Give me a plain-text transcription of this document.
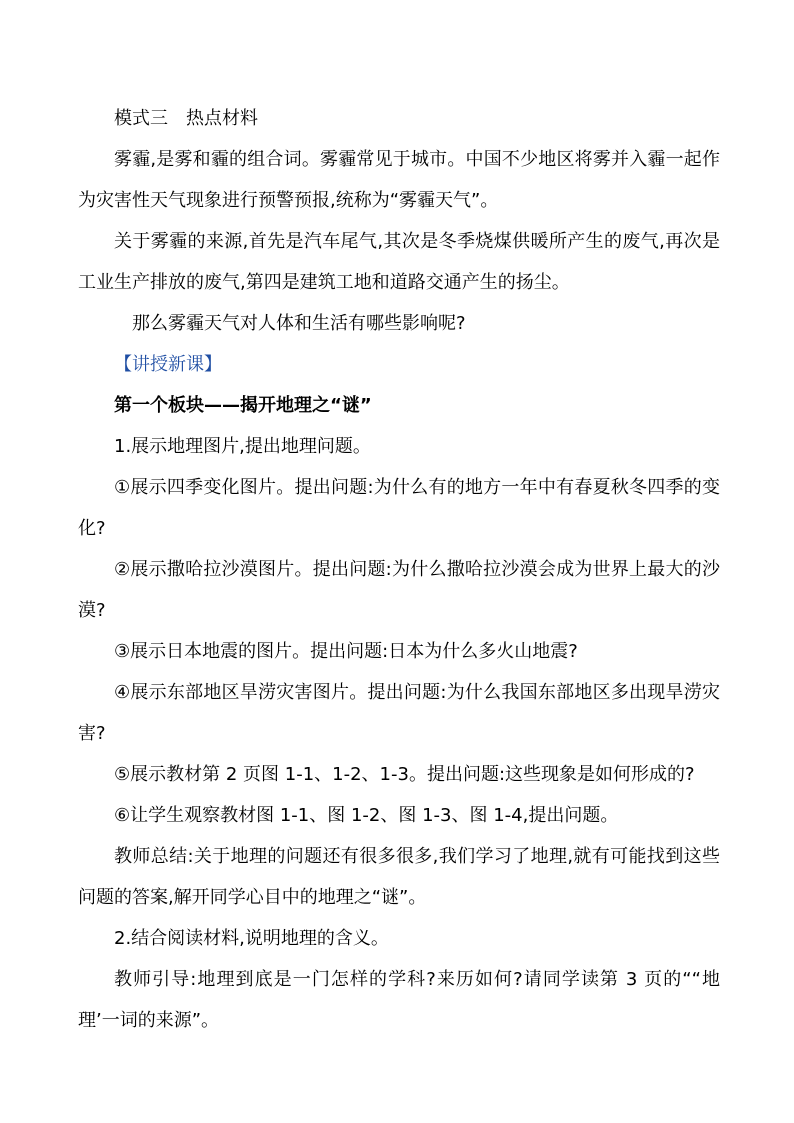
模式三　热点材料

雾霾,是雾和霾的组合词。雾霾常见于城市。中国不少地区将雾并入霾一起作为灾害性天气现象进行预警预报,统称为“雾霾天气”。

关于雾霾的来源,首先是汽车尾气,其次是冬季烧煤供暖所产生的废气,再次是工业生产排放的废气,第四是建筑工地和道路交通产生的扬尘。

那么雾霾天气对人体和生活有哪些影响呢?

【讲授新课】

第一个板块——揭开地理之“谜”

1.展示地理图片,提出地理问题。

①展示四季变化图片。提出问题:为什么有的地方一年中有春夏秋冬四季的变化?

②展示撒哈拉沙漠图片。提出问题:为什么撒哈拉沙漠会成为世界上最大的沙漠?

③展示日本地震的图片。提出问题:日本为什么多火山地震?

④展示东部地区旱涝灾害图片。提出问题:为什么我国东部地区多出现旱涝灾害?

⑤展示教材第 2 页图 1-1、1-2、1-3。提出问题:这些现象是如何形成的?

⑥让学生观察教材图 1-1、图 1-2、图 1-3、图 1-4,提出问题。

教师总结:关于地理的问题还有很多很多,我们学习了地理,就有可能找到这些问题的答案,解开同学心目中的地理之“谜”。

2.结合阅读材料,说明地理的含义。

教师引导:地理到底是一门怎样的学科?来历如何?请同学读第 3 页的““地理’一词的来源”。
